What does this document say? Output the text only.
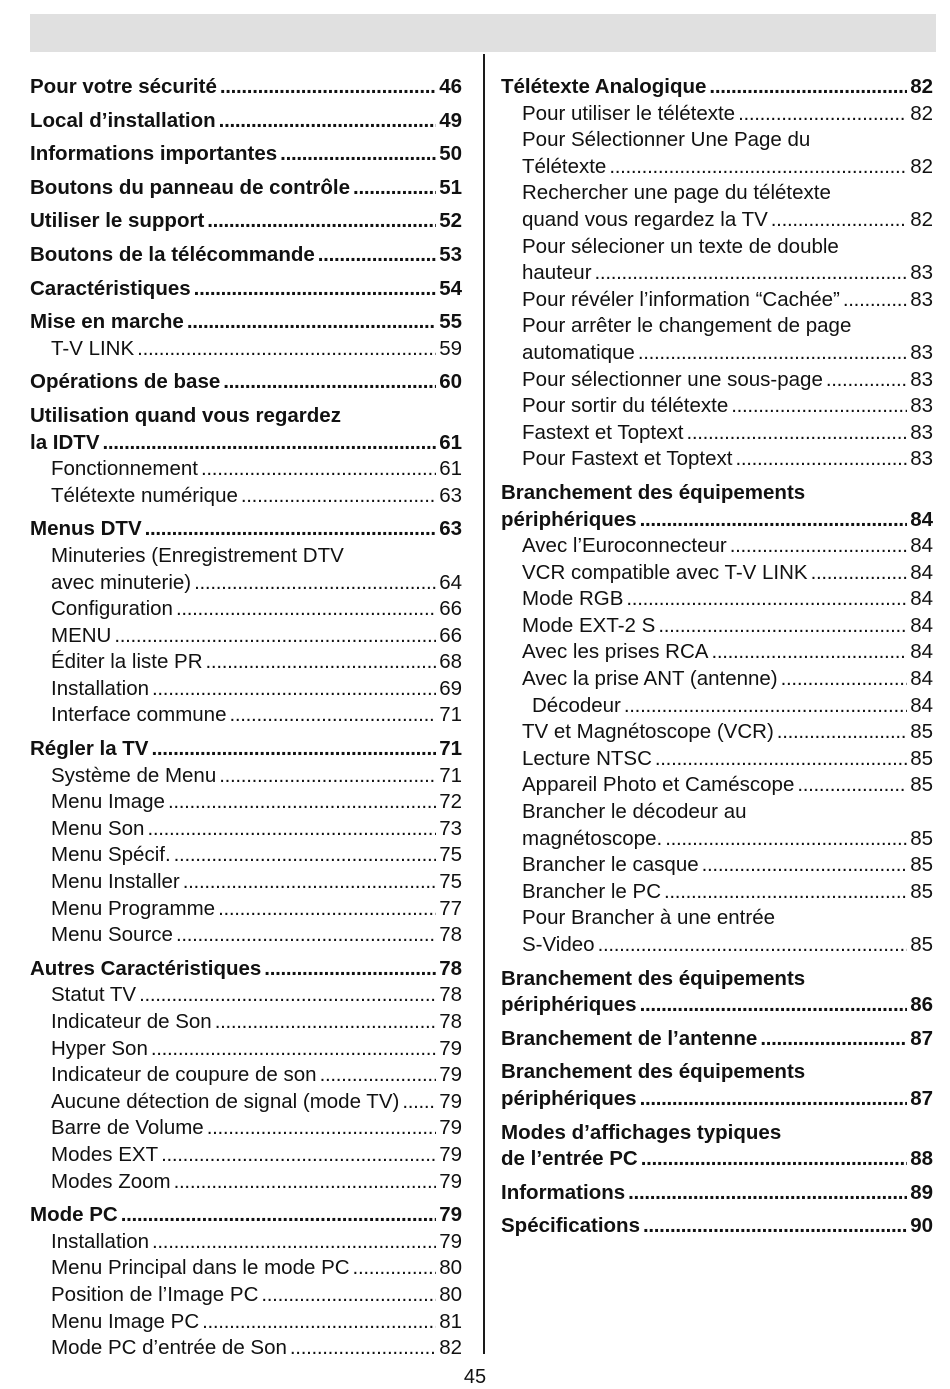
Pour votre sécurité . . .	46
Local d’installation . . .	49
Informations importantes . . .	50
Boutons du panneau de contrôle . . .	51
Utiliser le support . . .	52
Boutons de la télécommande . . .	53
Caractéristiques . . .	54
Mise en marche . . .	55
T-V LINK . . .	59
Opérations de base . . .	60
Utilisation quand vous regardez
la IDTV . . .	61
Fonctionnement . . .	61
Télétexte numérique . . .	63
Menus DTV . . .	63
Minuteries (Enregistrement DTV
avec minuterie) . . .	64
Configuration . . .	66
MENU . . .	66
Éditer la liste PR . . .	68
Installation . . .	69
Interface commune . . .	71
Régler la TV . . .	71
Système de Menu . . .	71
Menu Image . . .	72
Menu Son . . .	73
Menu Spécif. . . .	75
Menu Installer . . .	75
Menu Programme . . .	77
Menu Source . . .	78
Autres Caractéristiques . . .	78
Statut TV . . .	78
Indicateur de Son . . .	78
Hyper Son . . .	79
Indicateur de coupure de son . . .	79
Aucune détection de signal (mode TV) . . . 79
Barre de Volume . . .	79
Modes EXT . . .	79
Modes Zoom . . .	79
Mode PC . . .	79
Installation . . .	79
Menu Principal dans le mode PC . . .	80
Position de l’Image PC . . .	80
Menu Image PC . . .	81
Mode PC d’entrée de Son . . .	82
Télétexte Analogique . . .	82
Pour utiliser le télétexte . . .	82
Pour Sélectionner Une Page du
Télétexte . . .	82
Rechercher une page du télétexte
quand vous regardez la TV . . .	82
Pour sélecioner un texte de double
hauteur . . .	83
Pour révéler l’information “Cachée” . . .	83
Pour arrêter le changement de page
automatique . . .	83
Pour sélectionner une sous-page . . .	83
Pour sortir du télétexte . . .	83
Fastext et Toptext . . .	83
Pour Fastext et Toptext . . .	83
Branchement des équipements
périphériques . . .	84
Avec l’Euroconnecteur . . .	84
VCR compatible avec T-V LINK . . .	84
Mode RGB . . .	84
Mode EXT-2 S . . .	84
Avec les prises RCA . . .	84
Avec la prise ANT (antenne) . . .	84
Décodeur . . .	84
TV et Magnétoscope (VCR) . . .	85
Lecture NTSC . . .	85
Appareil Photo et Caméscope . . .	85
Brancher le décodeur au
magnétoscope. . . .	85
Brancher le casque . . .	85
Brancher le PC . . .	85
Pour Brancher à une entrée
S-Video . . .	85
Branchement des équipements
périphériques . . .	86
Branchement de l’antenne . . .	87
Branchement des équipements
périphériques . . .	87
Modes d’affichages typiques
de l’entrée PC . . .	88
Informations . . .	89
Spécifications . . .	90
45
